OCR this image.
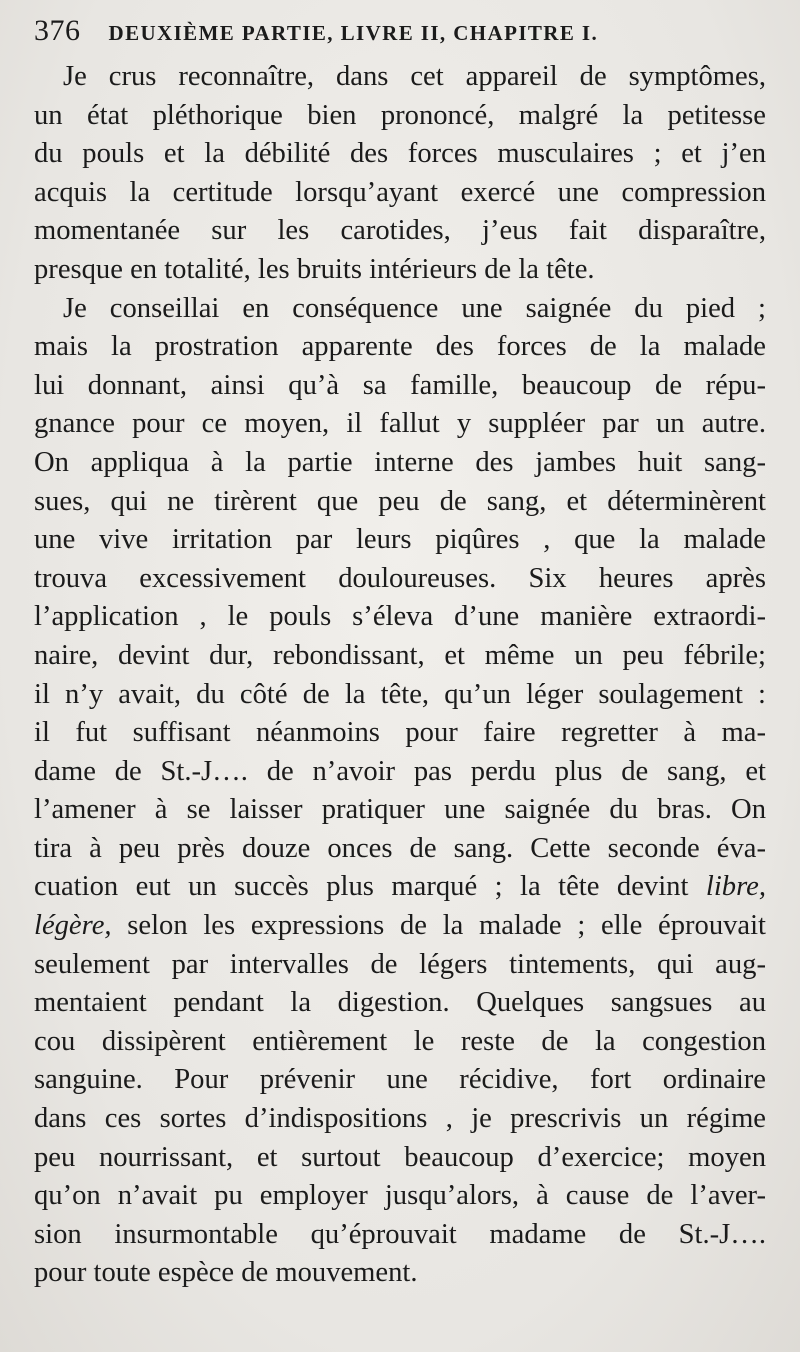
376 DEUXIÈME PARTIE, LIVRE II, CHAPITRE I.
Je crus reconnaître, dans cet appareil de symptômes,
un état pléthorique bien prononcé, malgré la petitesse
du pouls et la débilité des forces musculaires ; et j’en
acquis la certitude lorsqu’ayant exercé une compression
momentanée sur les carotides, j’eus fait disparaître,
presque en totalité, les bruits intérieurs de la tête.
Je conseillai en conséquence une saignée du pied ;
mais la prostration apparente des forces de la malade
lui donnant, ainsi qu’à sa famille, beaucoup de répu-
gnance pour ce moyen, il fallut y suppléer par un autre.
On appliqua à la partie interne des jambes huit sang-
sues, qui ne tirèrent que peu de sang, et déterminèrent
une vive irritation par leurs piqûres , que la malade
trouva excessivement douloureuses. Six heures après
l’application , le pouls s’éleva d’une manière extraordi-
naire, devint dur, rebondissant, et même un peu fébrile;
il n’y avait, du côté de la tête, qu’un léger soulagement :
il fut suffisant néanmoins pour faire regretter à ma-
dame de St.-J…. de n’avoir pas perdu plus de sang, et
l’amener à se laisser pratiquer une saignée du bras. On
tira à peu près douze onces de sang. Cette seconde éva-
cuation eut un succès plus marqué ; la tête devint libre,
légère, selon les expressions de la malade ; elle éprouvait
seulement par intervalles de légers tintements, qui aug-
mentaient pendant la digestion. Quelques sangsues au
cou dissipèrent entièrement le reste de la congestion
sanguine. Pour prévenir une récidive, fort ordinaire
dans ces sortes d’indispositions , je prescrivis un régime
peu nourrissant, et surtout beaucoup d’exercice; moyen
qu’on n’avait pu employer jusqu’alors, à cause de l’aver-
sion insurmontable qu’éprouvait madame de St.-J….
pour toute espèce de mouvement.
